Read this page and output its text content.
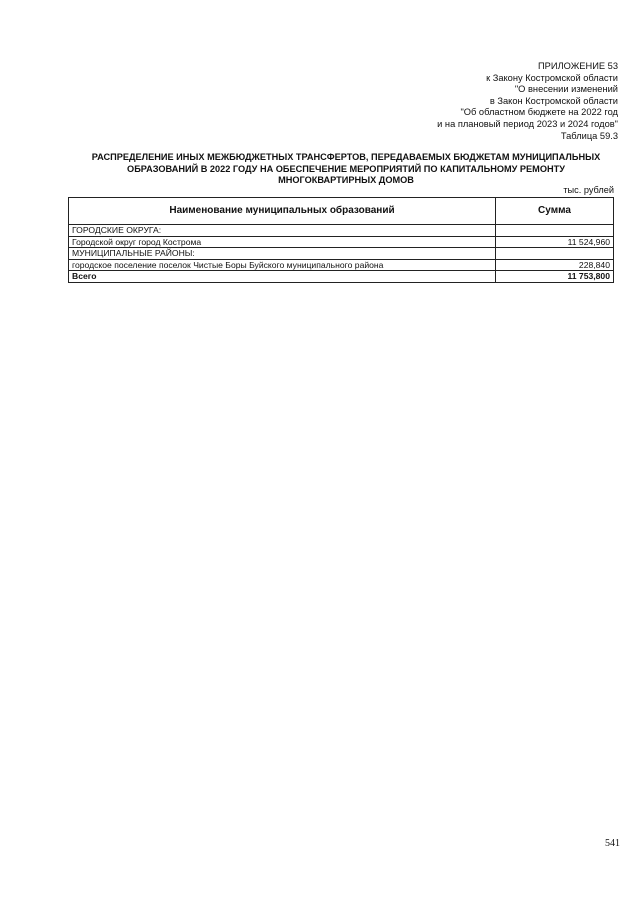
ПРИЛОЖЕНИЕ 53
к Закону Костромской области
"О внесении изменений
в Закон Костромской области
"Об областном бюджете на 2022 год
и на плановый период 2023 и 2024 годов"
Таблица 59.3
РАСПРЕДЕЛЕНИЕ ИНЫХ МЕЖБЮДЖЕТНЫХ ТРАНСФЕРТОВ, ПЕРЕДАВАЕМЫХ БЮДЖЕТАМ МУНИЦИПАЛЬНЫХ
ОБРАЗОВАНИЙ В 2022 ГОДУ НА ОБЕСПЕЧЕНИЕ МЕРОПРИЯТИЙ ПО КАПИТАЛЬНОМУ РЕМОНТУ
МНОГОКВАРТИРНЫХ ДОМОВ
тыс. рублей
Наименование муниципальных образований	Сумма
ГОРОДСКИЕ ОКРУГА:	
Городской округ город Кострома	11 524,960
МУНИЦИПАЛЬНЫЕ РАЙОНЫ:	
городское поселение поселок Чистые Боры Буйского муниципального района	228,840
Всего	11 753,800
541
